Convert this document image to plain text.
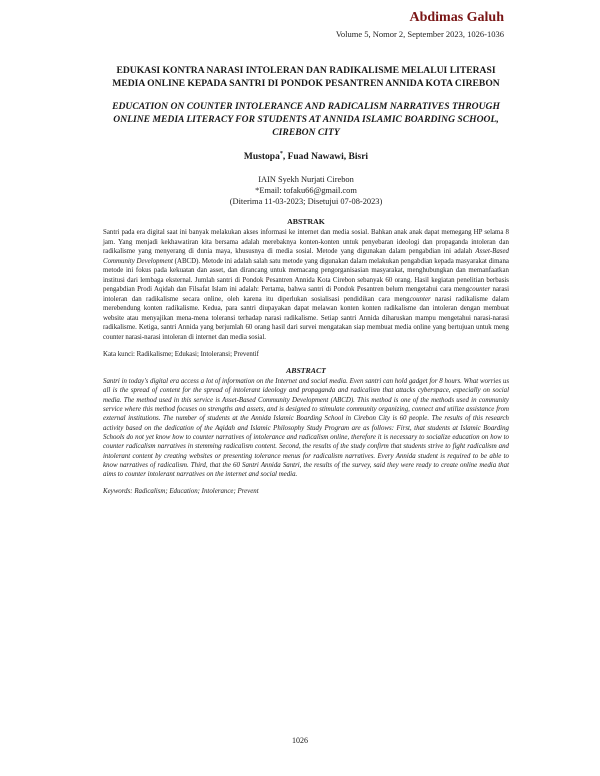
Abdimas Galuh
Volume 5, Nomor 2, September 2023, 1026-1036

EDUKASI KONTRA NARASI INTOLERAN DAN RADIKALISME MELALUI LITERASI MEDIA ONLINE KEPADA SANTRI DI PONDOK PESANTREN ANNIDA KOTA CIREBON

EDUCATION ON COUNTER INTOLERANCE AND RADICALISM NARRATIVES THROUGH ONLINE MEDIA LITERACY FOR STUDENTS AT ANNIDA ISLAMIC BOARDING SCHOOL, CIREBON CITY

Mustopa*, Fuad Nawawi, Bisri
IAIN Syekh Nurjati Cirebon
*Email: tofaku66@gmail.com
(Diterima 11-03-2023; Disetujui 07-08-2023)
ABSTRAK
Santri pada era digital saat ini banyak melakukan akses informasi ke internet dan media sosial. Bahkan anak anak dapat memegang HP selama 8 jam. Yang menjadi kekhawatiran kita bersama adalah merebaknya konten-konten untuk penyebaran ideologi dan propaganda intoleran dan radikalisme yang menyerang di dunia maya, khususnya di media sosial. Metode yang digunakan dalam pengabdian ini adalah Asset-Based Community Development (ABCD). Metode ini adalah salah satu metode yang digunakan dalam melakukan pengabdian kepada masyarakat dimana metode ini fokus pada kekuatan dan asset, dan dirancang untuk memacang pengorganisasian masyarakat, menghubungkan dan memanfaatkan institusi dari lembaga eksternal. Jumlah santri di Pondok Pesantren Annida Kota Cirebon sebanyak 60 orang. Hasil kegiatan penelitian berbasis pengabdian Prodi Aqidah dan Filsafat Islam ini adalah: Pertama, bahwa santri di Pondok Pesantren belum mengetahui cara mengcounter narasi intoleran dan radikalisme secara online, oleh karena itu diperlukan sosialisasi pendidikan cara mengcounter narasi radikalisme dalam merebendung konten radikalisme. Kedua, para santri diupayakan dapat melawan konten konten radikalisme dan intoleran dengan membuat website atau menyajikan mena-mena toleransi terhadap narasi radikalisme. Setiap santri Annida diharuskan mampu mengetahui narasi-narasi radikalisme. Ketiga, santri Annida yang berjumlah 60 orang hasil dari survei mengatakan siap membuat media online yang bertujuan untuk meng counter narasi-narasi intoleran di internet dan media sosial.
Kata kunci: Radikalisme; Edukasi; Intoleransi; Preventif
ABSTRACT
Santri in today's digital era access a lot of information on the Internet and social media. Even santri can hold gadget for 8 hours. What worries us all is the spread of content for the spread of intolerant ideology and propaganda and radicalism that attacks cyberspace, especially on social media. The method used in this service is Asset-Based Community Development (ABCD). This method is one of the methods used in community service where this method focuses on strengths and assets, and is designed to stimulate community organizing, connect and utilize assistance from external institutions. The number of students at the Annida Islamic Boarding School in Cirebon City is 60 people. The results of this research activity based on the dedication of the Aqidah and Islamic Philosophy Study Program are as follows: First, that students at Islamic Boarding Schools do not yet know how to counter narratives of intolerance and radicalism online, therefore it is necessary to socialize education on how to counter radicalism narratives in stemming radicalism content. Second, the results of the study confirm that students strive to fight radicalism and intolerant content by creating websites or presenting tolerance menus for radicalism narratives. Every Annida student is required to be able to know narratives of radicalism. Third, that the 60 Santri Annida Santri, the results of the survey, said they were ready to create online media that aims to counter intolerant narratives on the internet and social media.
Keywords: Radicalism; Education; Intolerance; Prevent
1026
